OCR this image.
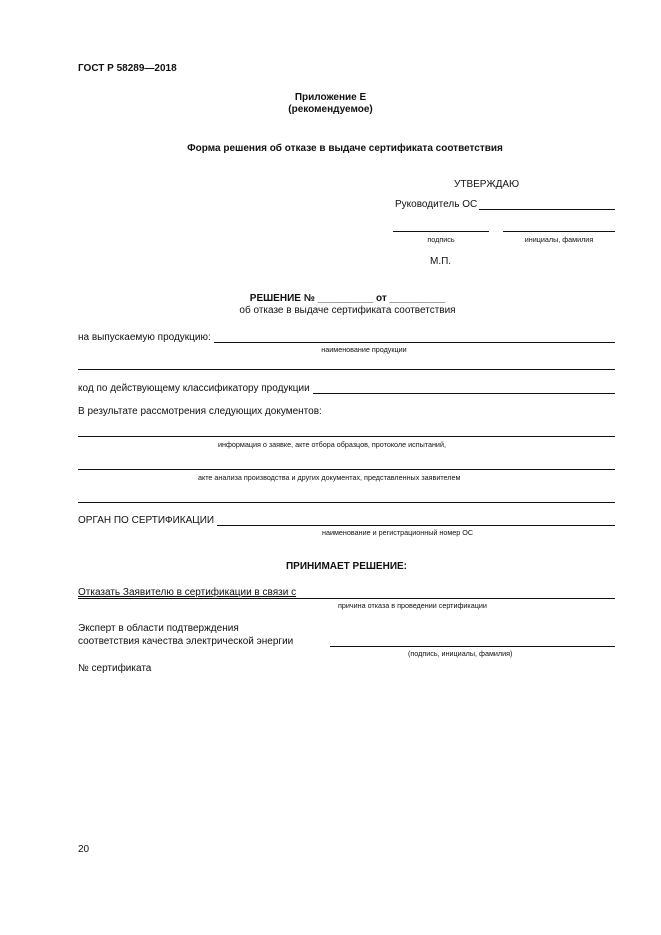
ГОСТ Р 58289—2018
Приложение Е
(рекомендуемое)
Форма решения об отказе в выдаче сертификата соответствия
УТВЕРЖДАЮ
Руководитель ОС
подпись	инициалы, фамилия
М.П.
РЕШЕНИЕ № __________ от __________
об отказе в выдаче сертификата соответствия
на выпускаемую продукцию:
наименование продукции
код по действующему классификатору продукции
В результате рассмотрения следующих документов:
информация о заявке, акте отбора образцов, протоколе испытаний,
акте анализа производства и других документах, представленных заявителем
ОРГАН ПО СЕРТИФИКАЦИИ
наименование и регистрационный номер ОС
ПРИНИМАЕТ РЕШЕНИЕ:
Отказать Заявителю в сертификации в связи с
причина отказа в проведении сертификации
Эксперт в области подтверждения
соответствия качества электрической энергии
(подпись, инициалы, фамилия)
№ сертификата
20
